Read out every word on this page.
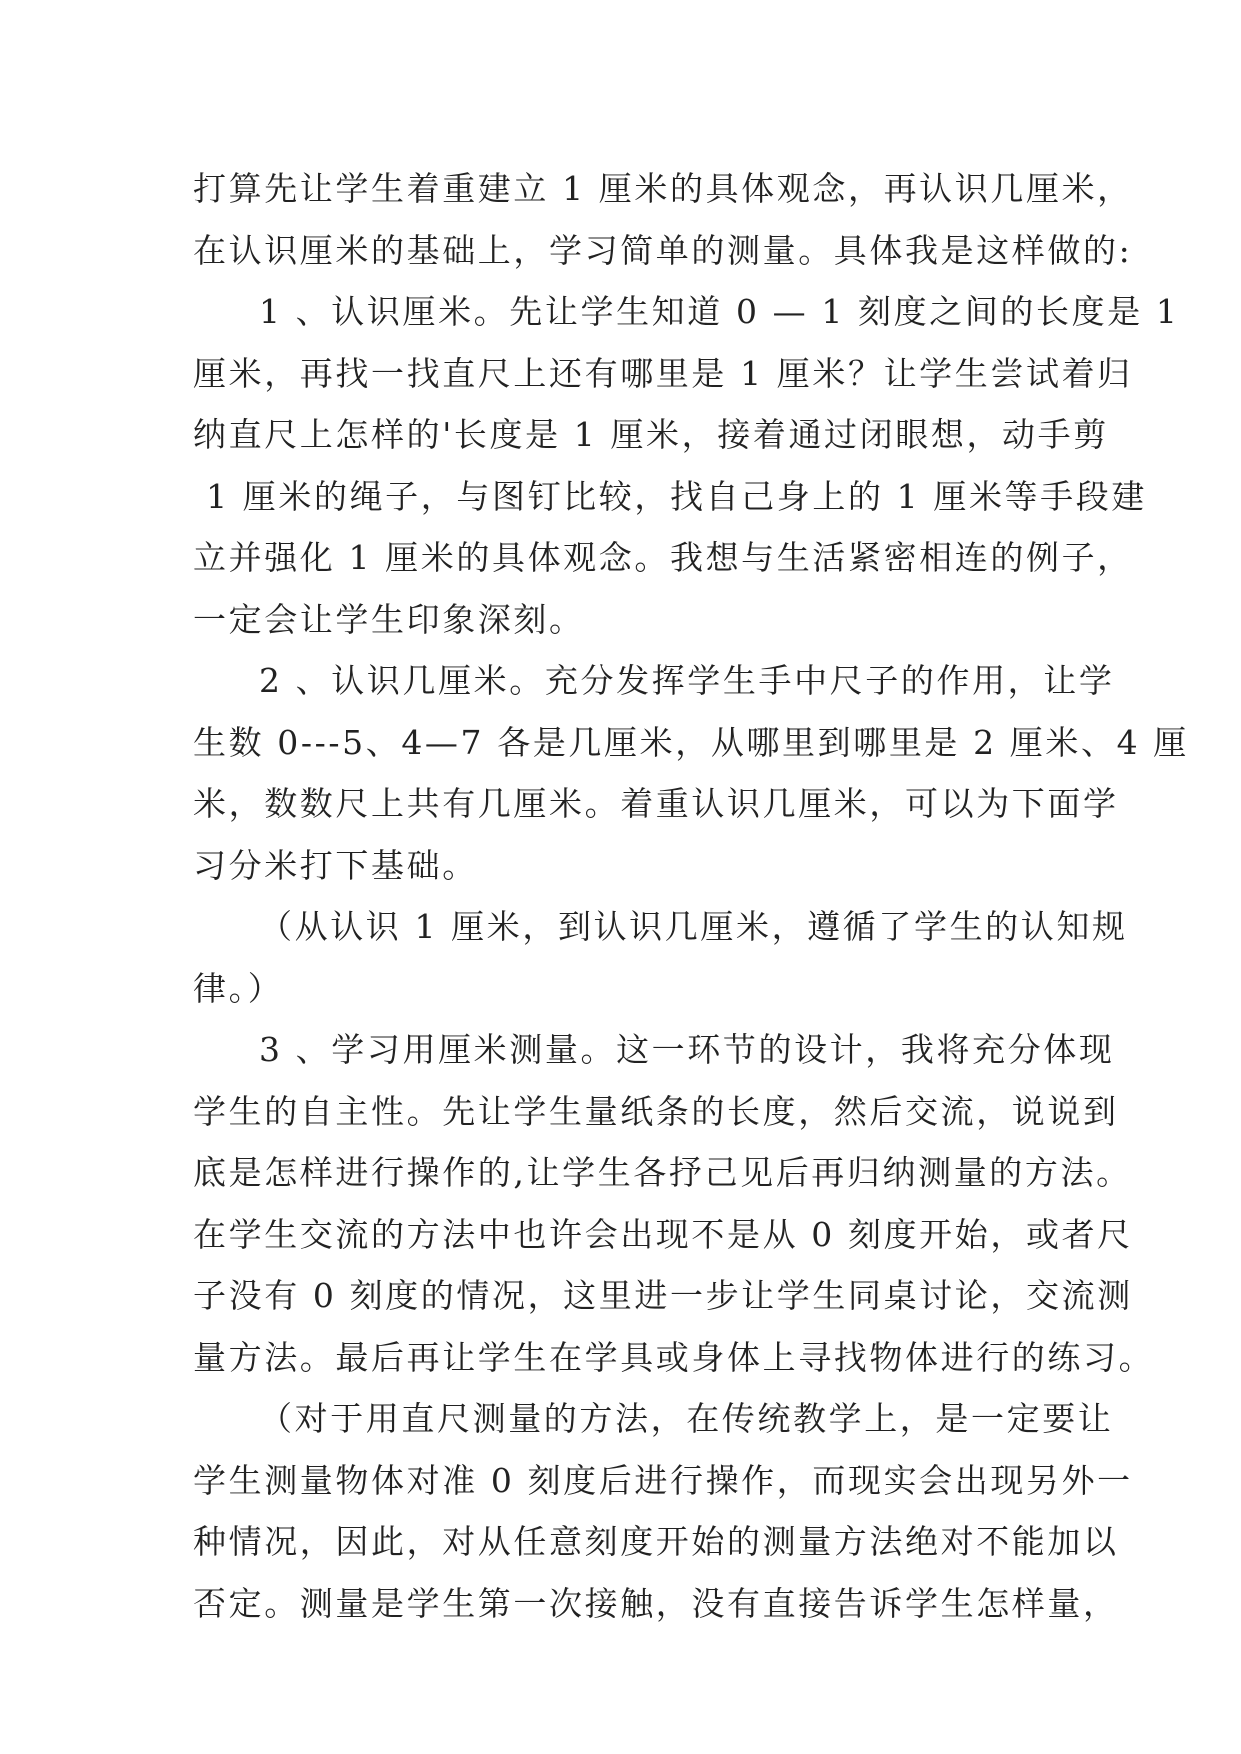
打算先让学生着重建立 1 厘米的具体观念，再认识几厘米，
在认识厘米的基础上，学习简单的测量。具体我是这样做的:
1 、认识厘米。先让学生知道 0 — 1 刻度之间的长度是 1
厘米，再找一找直尺上还有哪里是 1 厘米？让学生尝试着归
纳直尺上怎样的'长度是 1 厘米，接着通过闭眼想，动手剪
1 厘米的绳子，与图钉比较，找自己身上的 1 厘米等手段建
立并强化 1 厘米的具体观念。我想与生活紧密相连的例子，
一定会让学生印象深刻。
2 、认识几厘米。充分发挥学生手中尺子的作用，让学
生数 0---5、4—7 各是几厘米，从哪里到哪里是 2 厘米、4 厘
米，数数尺上共有几厘米。着重认识几厘米，可以为下面学
习分米打下基础。
（从认识 1 厘米，到认识几厘米，遵循了学生的认知规
律。）
3 、学习用厘米测量。这一环节的设计，我将充分体现
学生的自主性。先让学生量纸条的长度，然后交流，说说到
底是怎样进行操作的,让学生各抒己见后再归纳测量的方法。
在学生交流的方法中也许会出现不是从 0 刻度开始，或者尺
子没有 0 刻度的情况，这里进一步让学生同桌讨论，交流测
量方法。最后再让学生在学具或身体上寻找物体进行的练习。
（对于用直尺测量的方法，在传统教学上，是一定要让
学生测量物体对准 0 刻度后进行操作，而现实会出现另外一
种情况，因此，对从任意刻度开始的测量方法绝对不能加以
否定。测量是学生第一次接触，没有直接告诉学生怎样量，
